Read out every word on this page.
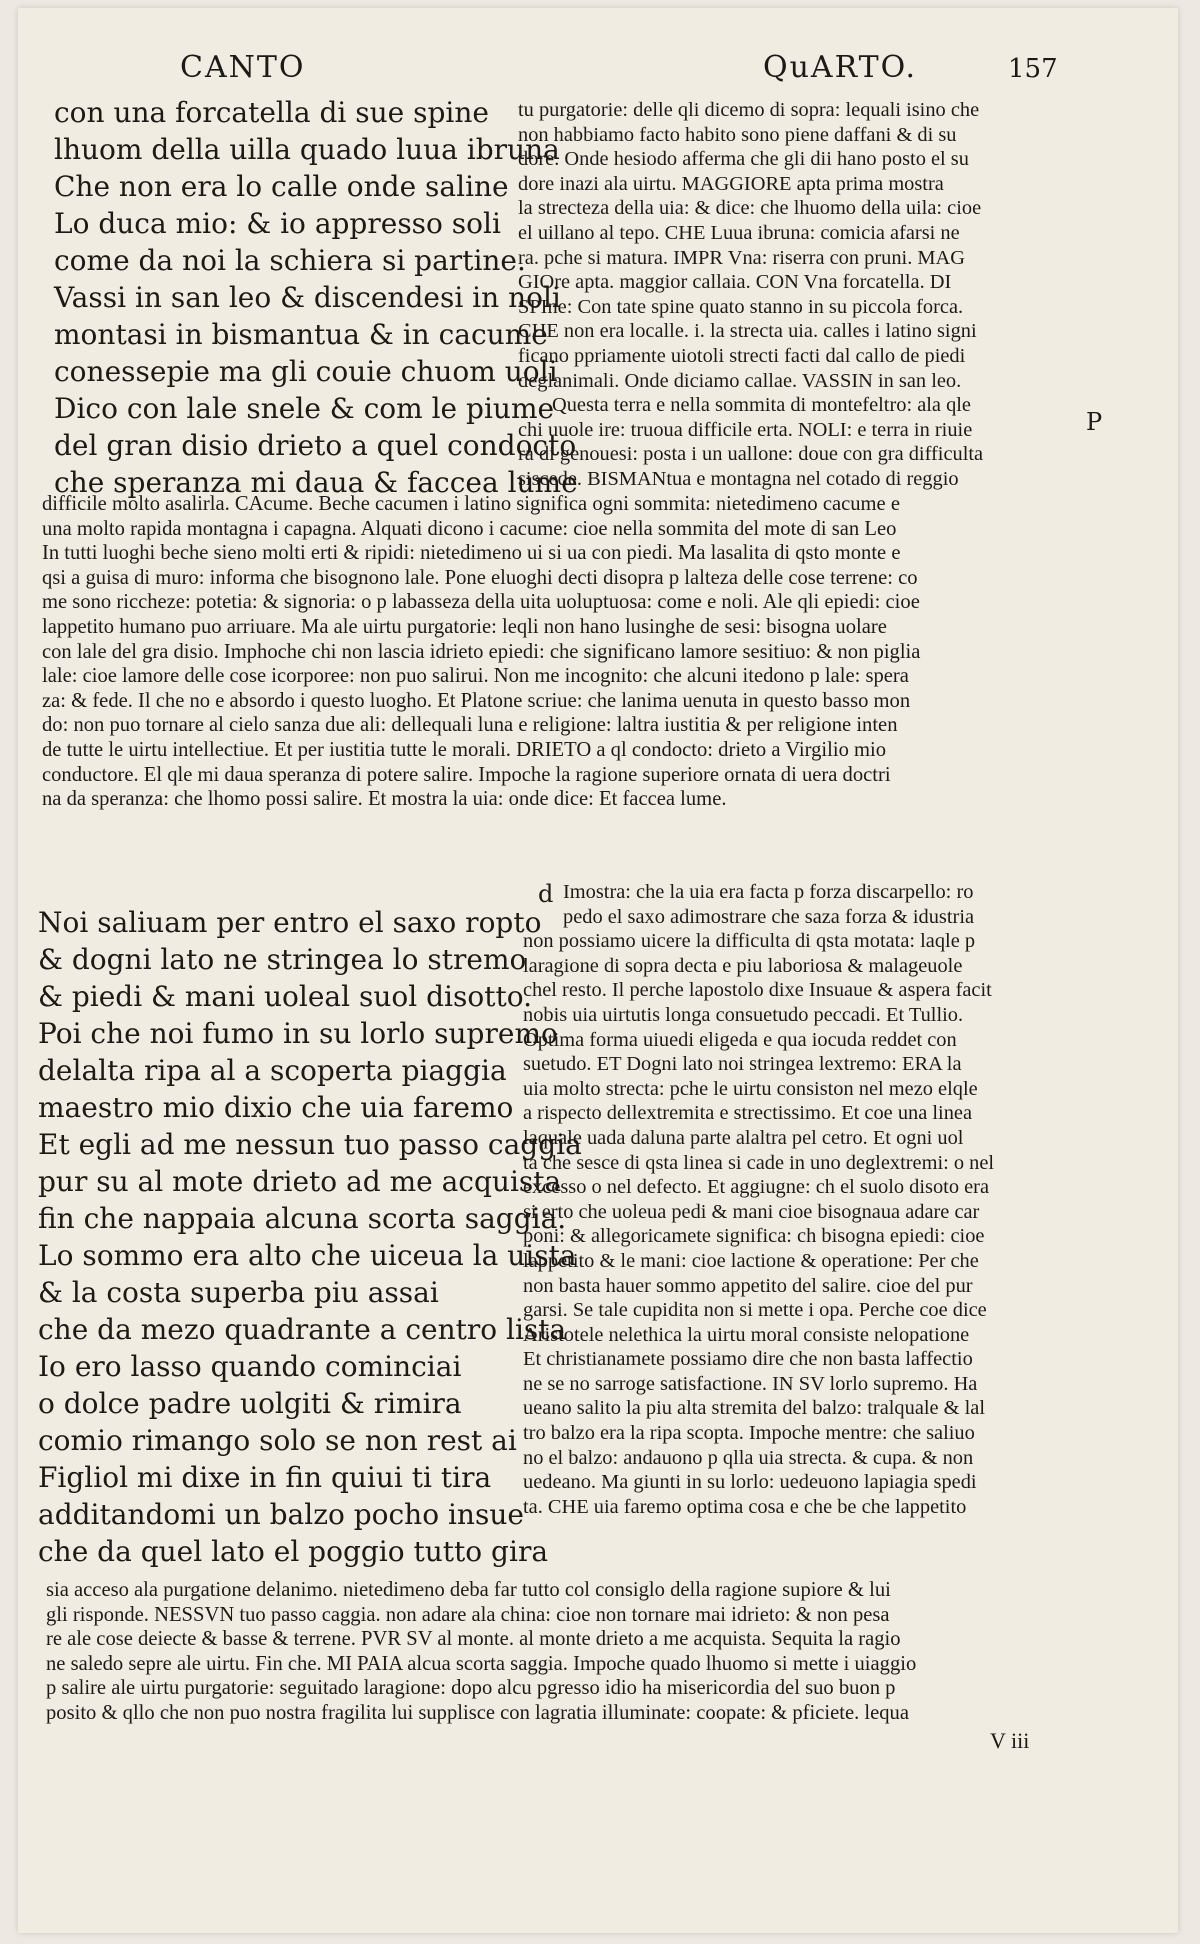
CANTO	QuARTO.	157
con una forcatella di sue spine
lhuom della uilla quado luua ibruna
Che non era lo calle onde saline
Lo duca mio: & io appresso soli
come da noi la schiera si partine.
Vassi in san leo & discendesi in noli
montasi in bismantua & in cacume
conessepie ma gli couie chuom uoli
Dico con lale snele & com le piume
del gran disio drieto a quel condocto
che speranza mi daua & faccea lume
tu purgatorie: delle qli dicemo di sopra: lequali isino che
non habbiamo facto habito sono piene daffani & di su
dore. Onde hesiodo afferma che gli dii hano posto el su
dore inazi ala uirtu. MAGGIORE apta prima mostra
la strecteza della uia: & dice: che lhuomo della uila: cioe
el uillano al tepo. CHE Luua ibruna: comicia afarsi ne
ra. pche si matura. IMPR Vna: riserra con pruni. MAG
GIOre apta. maggior callaia. CON Vna forcatella. DI
SPIne: Con tate spine quato stanno in su piccola forca.
CHE non era localle. i. la strecta uia. calles i latino signi
ficano ppriamente uiotoli strecti facti dal callo de piedi
deglanimali. Onde diciamo callae. VASSIN in san leo.
Questa terra e nella sommita di montefeltro: ala qle
chi uuole ire: truoua difficile erta. NOLI: e terra in riuie
ra di genouesi: posta i un uallone: doue con gra difficulta
siscede. BISMANtua e montagna nel cotado di reggio
P
difficile molto asalirla. CAcume. Beche cacumen i latino significa ogni sommita: nietedimeno cacume e
una molto rapida montagna i capagna. Alquati dicono i cacume: cioe nella sommita del mote di san Leo
In tutti luoghi beche sieno molti erti & ripidi: nietedimeno ui si ua con piedi. Ma lasalita di qsto monte e
qsi a guisa di muro: informa che bisognono lale. Pone eluoghi decti disopra p lalteza delle cose terrene: co
me sono riccheze: potetia: & signoria: o p labasseza della uita uoluptuosa: come e noli. Ale qli epiedi: cioe
lappetito humano puo arriuare. Ma ale uirtu purgatorie: leqli non hano lusinghe de sesi: bisogna uolare
con lale del gra disio. Imphoche chi non lascia idrieto epiedi: che significano lamore sesitiuo: & non piglia
lale: cioe lamore delle cose icorporee: non puo salirui. Non me incognito: che alcuni itedono p lale: spera
za: & fede. Il che no e absordo i questo luogho. Et Platone scriue: che lanima uenuta in questo basso mon
do: non puo tornare al cielo sanza due ali: dellequali luna e religione: laltra iustitia & per religione inten
de tutte le uirtu intellectiue. Et per iustitia tutte le morali. DRIETO a ql condocto: drieto a Virgilio mio
conductore. El qle mi daua speranza di potere salire. Impoche la ragione superiore ornata di uera doctri
na da speranza: che lhomo possi salire. Et mostra la uia: onde dice: Et faccea lume.
d
Noi saliuam per entro el saxo ropto
& dogni lato ne stringea lo stremo
& piedi & mani uoleal suol disotto.
Poi che noi fumo in su lorlo supremo
delalta ripa al a scoperta piaggia
maestro mio dixio che uia faremo
Et egli ad me nessun tuo passo caggia
pur su al mote drieto ad me acquista
fin che nappaia alcuna scorta saggia.
Lo sommo era alto che uiceua la uista
& la costa superba piu assai
che da mezo quadrante a centro lista
Io ero lasso quando cominciai
o dolce padre uolgiti & rimira
comio rimango solo se non rest ai
Figliol mi dixe in fin quiui ti tira
additandomi un balzo pocho insue
che da quel lato el poggio tutto gira
Imostra: che la uia era facta p forza discarpello: ro
pedo el saxo adimostrare che saza forza & idustria
non possiamo uicere la difficulta di qsta motata: laqle p
laragione di sopra decta e piu laboriosa & malageuole
chel resto. Il perche lapostolo dixe Insuaue & aspera facit
nobis uia uirtutis longa consuetudo peccadi. Et Tullio.
Optima forma uiuedi eligeda e qua iocuda reddet con
suetudo. ET Dogni lato noi stringea lextremo: ERA la
uia molto strecta: pche le uirtu consiston nel mezo elqle
a rispecto dellextremita e strectissimo. Et coe una linea
laquale uada daluna parte alaltra pel cetro. Et ogni uol
ta che sesce di qsta linea si cade in uno deglextremi: o nel
excesso o nel defecto. Et aggiugne: ch el suolo disoto era
si erto che uoleua pedi & mani cioe bisognaua adare car
poni: & allegoricamete significa: ch bisogna epiedi: cioe
lappetito & le mani: cioe lactione & operatione: Per che
non basta hauer sommo appetito del salire. cioe del pur
garsi. Se tale cupidita non si mette i opa. Perche coe dice
Aristotele nelethica la uirtu moral consiste nelopatione
Et christianamete possiamo dire che non basta laffectio
ne se no sarroge satisfactione. IN SV lorlo supremo. Ha
ueano salito la piu alta stremita del balzo: tralquale & lal
tro balzo era la ripa scopta. Impoche mentre: che saliuo
no el balzo: andauono p qlla uia strecta. & cupa. & non
uedeano. Ma giunti in su lorlo: uedeuono lapiagia spedi
ta. CHE uia faremo optima cosa e che be che lappetito
sia acceso ala purgatione delanimo. nietedimeno deba far tutto col consiglo della ragione supiore & lui
gli risponde. NESSVN tuo passo caggia. non adare ala china: cioe non tornare mai idrieto: & non pesa
re ale cose deiecte & basse & terrene. PVR SV al monte. al monte drieto a me acquista. Sequita la ragio
ne saledo sepre ale uirtu. Fin che. MI PAIA alcua scorta saggia. Impoche quado lhuomo si mette i uiaggio
p salire ale uirtu purgatorie: seguitado laragione: dopo alcu pgresso idio ha misericordia del suo buon p
posito & qllo che non puo nostra fragilita lui supplisce con lagratia illuminate: coopate: & pficiete. lequa
V iii
